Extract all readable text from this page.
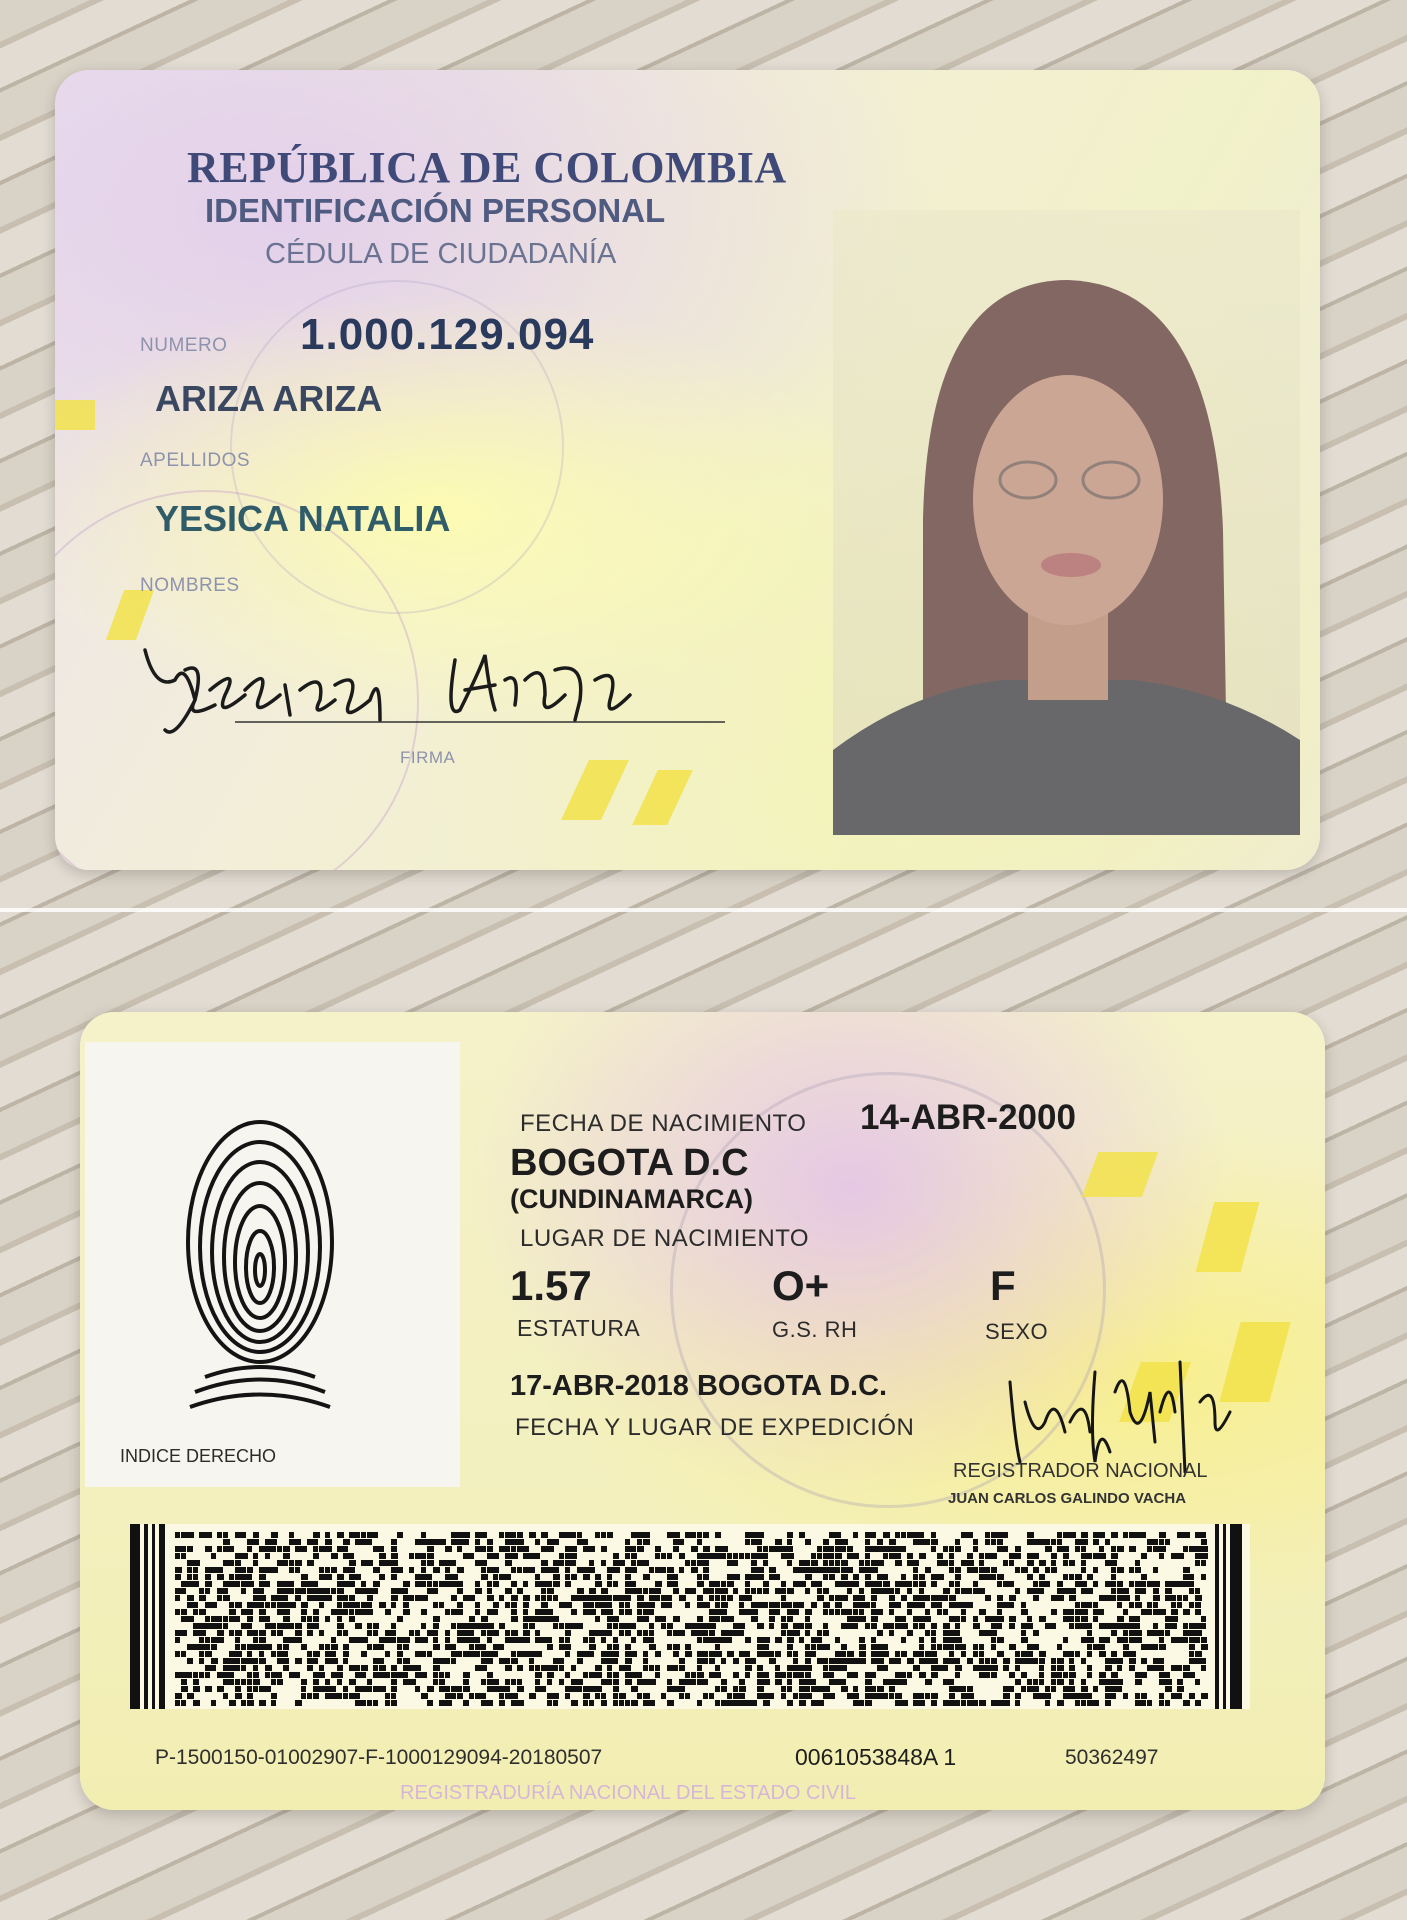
REPÚBLICA DE COLOMBIA
IDENTIFICACIÓN PERSONAL
CÉDULA DE CIUDADANÍA
NUMERO 1.000.129.094
ARIZA ARIZA
APELLIDOS
YESICA NATALIA
NOMBRES
FIRMA
INDICE DERECHO
FECHA DE NACIMIENTO 14-ABR-2000
BOGOTA D.C
(CUNDINAMARCA)
LUGAR DE NACIMIENTO
1.57
ESTATURA
O+
G.S. RH
F
SEXO
17-ABR-2018 BOGOTA D.C.
FECHA Y LUGAR DE EXPEDICIÓN
REGISTRADOR NACIONAL
JUAN CARLOS GALINDO VACHA
P-1500150-01002907-F-1000129094-20180507	0061053848A 1	50362497
REGISTRADURÍA NACIONAL DEL ESTADO CIVIL
